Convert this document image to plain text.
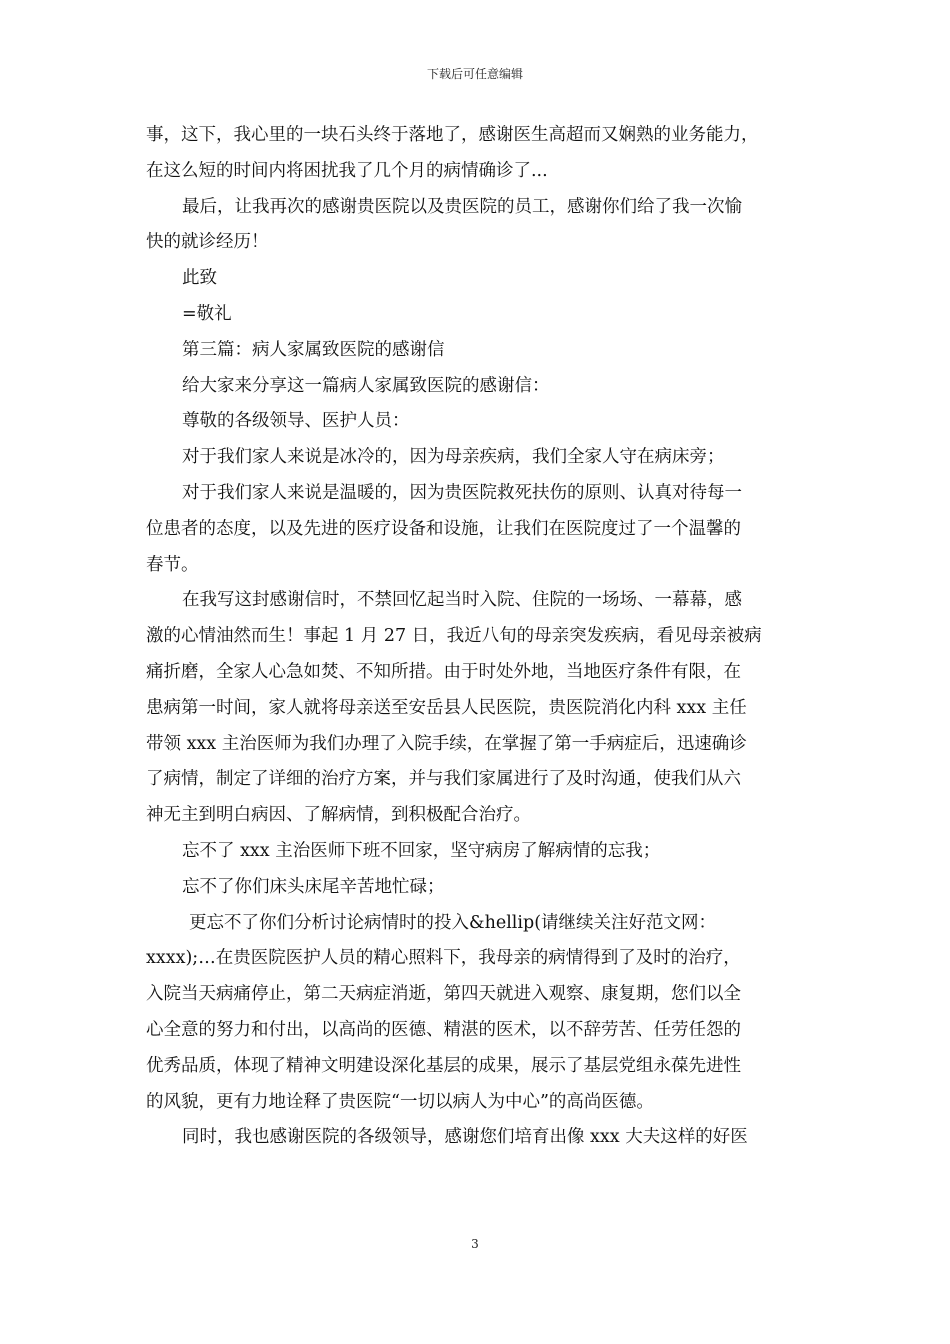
下载后可任意编辑

事，这下，我心里的一块石头终于落地了，感谢医生高超而又娴熟的业务能力，

在这么短的时间内将困扰我了几个月的病情确诊了...

最后，让我再次的感谢贵医院以及贵医院的员工，感谢你们给了我一次愉

快的就诊经历！

此致

=敬礼

第三篇：病人家属致医院的感谢信

给大家来分享这一篇病人家属致医院的感谢信：

尊敬的各级领导、医护人员：

对于我们家人来说是冰冷的，因为母亲疾病，我们全家人守在病床旁；

对于我们家人来说是温暖的，因为贵医院救死扶伤的原则、认真对待每一

位患者的态度，以及先进的医疗设备和设施，让我们在医院度过了一个温馨的

春节。

在我写这封感谢信时，不禁回忆起当时入院、住院的一场场、一幕幕，感

激的心情油然而生！事起 1 月 27 日，我近八旬的母亲突发疾病，看见母亲被病

痛折磨，全家人心急如焚、不知所措。由于时处外地，当地医疗条件有限，在

患病第一时间，家人就将母亲送至安岳县人民医院，贵医院消化内科 xxx 主任

带领 xxx 主治医师为我们办理了入院手续，在掌握了第一手病症后，迅速确诊

了病情，制定了详细的治疗方案，并与我们家属进行了及时沟通，使我们从六

神无主到明白病因、了解病情，到积极配合治疗。

忘不了 xxx 主治医师下班不回家，坚守病房了解病情的忘我；

忘不了你们床头床尾辛苦地忙碌；

更忘不了你们分析讨论病情时的投入&hellip(请继续关注好范文网：

xxxx);…在贵医院医护人员的精心照料下，我母亲的病情得到了及时的治疗，

入院当天病痛停止，第二天病症消逝，第四天就进入观察、康复期，您们以全

心全意的努力和付出，以高尚的医德、精湛的医术，以不辞劳苦、任劳任怨的

优秀品质，体现了精神文明建设深化基层的成果，展示了基层党组永葆先进性

的风貌，更有力地诠释了贵医院“一切以病人为中心”的高尚医德。

同时，我也感谢医院的各级领导，感谢您们培育出像 xxx 大夫这样的好医

3
